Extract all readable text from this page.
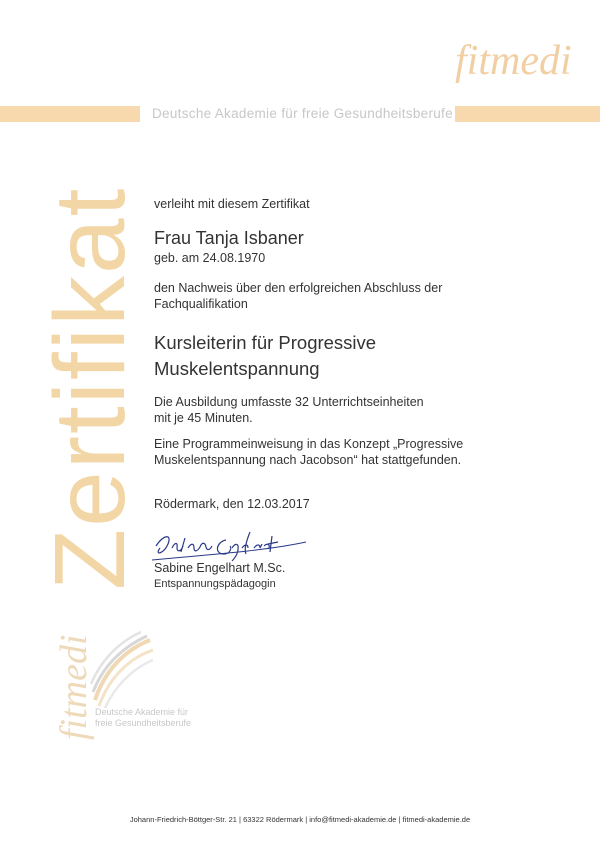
fitmedi
Deutsche Akademie für freie Gesundheitsberufe
Zertifikat verleiht mit diesem Zertifikat
Frau Tanja Isbaner
geb. am 24.08.1970
den Nachweis über den erfolgreichen Abschluss der
Fachqualifikation
Kursleiterin für Progressive
Muskelentspannung
Die Ausbildung umfasste 32 Unterrichtseinheiten
mit je 45 Minuten.
Eine Programmeinweisung in das Konzept „Progressive
Muskelentspannung nach Jacobson“ hat stattgefunden.
Rödermark, den 12.03.2017
Sabine Engelhart M.Sc.
Entspannungspädagogin
fitmedi Deutsche Akademie für
freie Gesundheitsberufe
Johann-Friedrich-Böttger-Str. 21 | 63322 Rödermark | info@fitmedi-akademie.de | fitmedi-akademie.de
